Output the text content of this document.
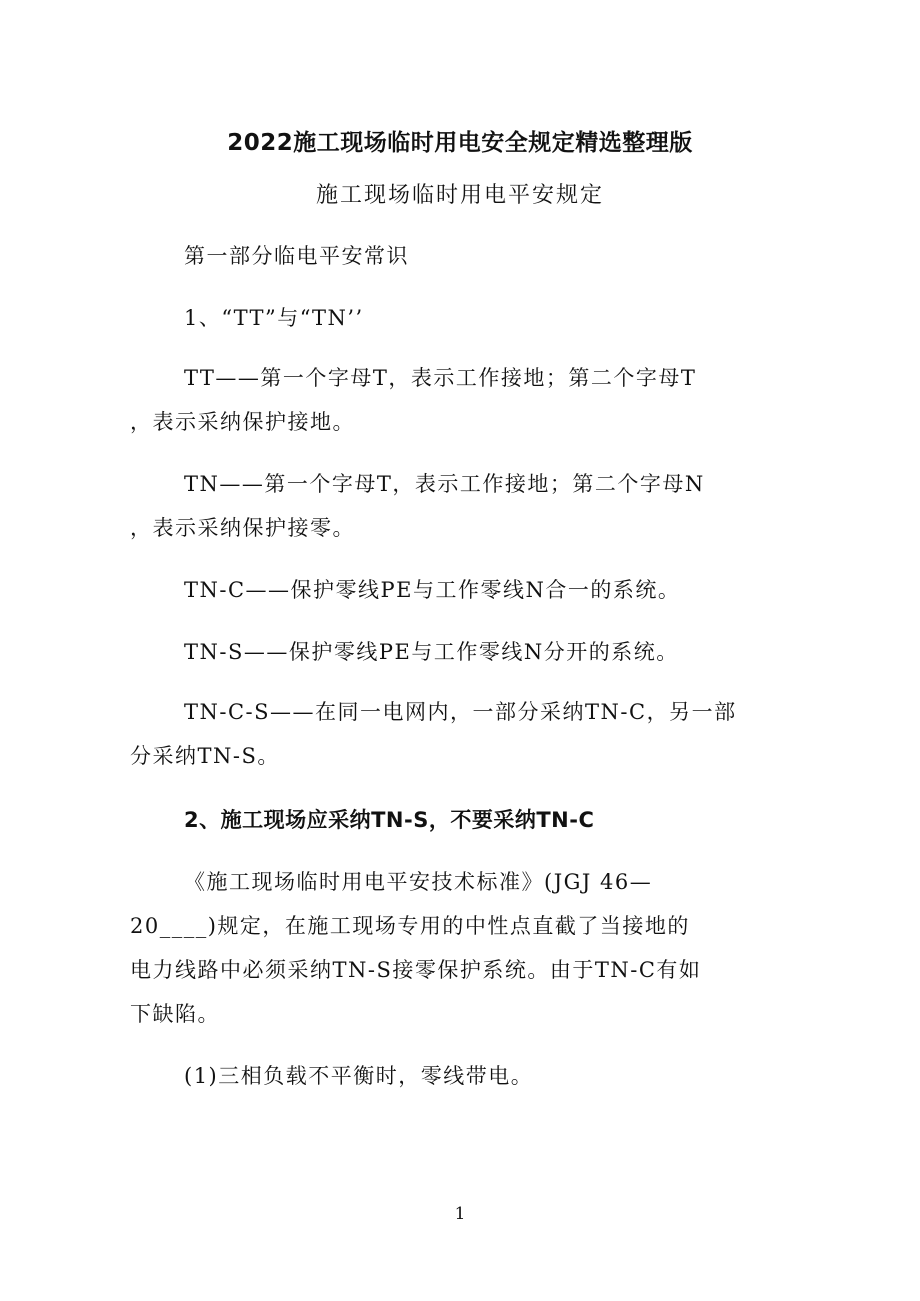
2022施工现场临时用电安全规定精选整理版
施工现场临时用电平安规定
第一部分临电平安常识
1、“TT”与“TN’’
TT——第一个字母T，表示工作接地；第二个字母T
，表示采纳保护接地。
TN——第一个字母T，表示工作接地；第二个字母N
，表示采纳保护接零。
TN-C——保护零线PE与工作零线N合一的系统。
TN-S——保护零线PE与工作零线N分开的系统。
TN-C-S——在同一电网内，一部分采纳TN-C，另一部
分采纳TN-S。
2、施工现场应采纳TN-S，不要采纳TN-C
《施工现场临时用电平安技术标准》(JGJ 46—
20____)规定，在施工现场专用的中性点直截了当接地的
电力线路中必须采纳TN-S接零保护系统。由于TN-C有如
下缺陷。
(1)三相负载不平衡时，零线带电。
1
